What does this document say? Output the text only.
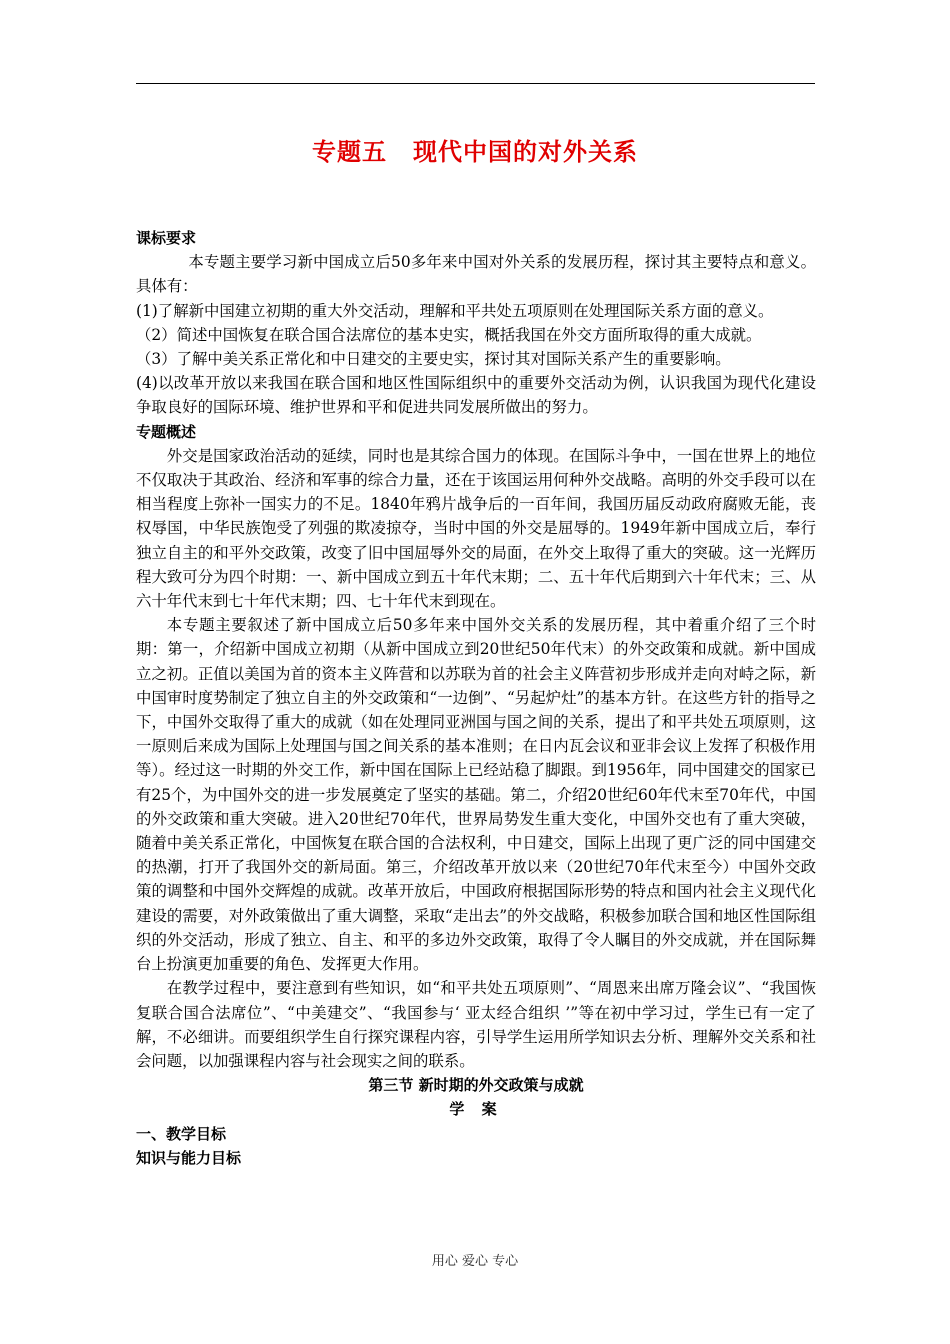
专题五 现代中国的对外关系

课标要求

本专题主要学习新中国成立后50多年来中国对外关系的发展历程，探讨其主要特点和意义。具体有：

(1)了解新中国建立初期的重大外交活动，理解和平共处五项原则在处理国际关系方面的意义。

（2）简述中国恢复在联合国合法席位的基本史实，概括我国在外交方面所取得的重大成就。

（3）了解中美关系正常化和中日建交的主要史实，探讨其对国际关系产生的重要影响。

(4)以改革开放以来我国在联合国和地区性国际组织中的重要外交活动为例，认识我国为现代化建设争取良好的国际环境、维护世界和平和促进共同发展所做出的努力。

专题概述

外交是国家政治活动的延续，同时也是其综合国力的体现。在国际斗争中，一国在世界上的地位不仅取决于其政治、经济和军事的综合力量，还在于该国运用何种外交战略。高明的外交手段可以在相当程度上弥补一国实力的不足。1840年鸦片战争后的一百年间，我国历届反动政府腐败无能，丧权辱国，中华民族饱受了列强的欺凌掠夺，当时中国的外交是屈辱的。1949年新中国成立后，奉行独立自主的和平外交政策，改变了旧中国屈辱外交的局面，在外交上取得了重大的突破。这一光辉历程大致可分为四个时期：一、新中国成立到五十年代末期；二、五十年代后期到六十年代末；三、从六十年代末到七十年代末期；四、七十年代末到现在。

本专题主要叙述了新中国成立后50多年来中国外交关系的发展历程，其中着重介绍了三个时期：第一，介绍新中国成立初期（从新中国成立到20世纪50年代末）的外交政策和成就。新中国成立之初。正值以美国为首的资本主义阵营和以苏联为首的社会主义阵营初步形成并走向对峙之际，新中国审时度势制定了独立自主的外交政策和“一边倒”、“另起炉灶”的基本方针。在这些方针的指导之下，中国外交取得了重大的成就（如在处理同亚洲国与国之间的关系，提出了和平共处五项原则，这一原则后来成为国际上处理国与国之间关系的基本准则；在日内瓦会议和亚非会议上发挥了积极作用等）。经过这一时期的外交工作，新中国在国际上已经站稳了脚跟。到1956年，同中国建交的国家已有25个，为中国外交的进一步发展奠定了坚实的基础。第二，介绍20世纪60年代末至70年代，中国的外交政策和重大突破。进入20世纪70年代，世界局势发生重大变化，中国外交也有了重大突破，随着中美关系正常化，中国恢复在联合国的合法权利，中日建交，国际上出现了更广泛的同中国建交的热潮，打开了我国外交的新局面。第三，介绍改革开放以来（20世纪70年代末至今）中国外交政策的调整和中国外交辉煌的成就。改革开放后，中国政府根据国际形势的特点和国内社会主义现代化建设的需要，对外政策做出了重大调整，采取“走出去”的外交战略，积极参加联合国和地区性国际组织的外交活动，形成了独立、自主、和平的多边外交政策，取得了令人瞩目的外交成就，并在国际舞台上扮演更加重要的角色、发挥更大作用。

在教学过程中，要注意到有些知识，如“和平共处五项原则”、“周恩来出席万隆会议”、“我国恢复联合国合法席位”、“中美建交”、“我国参与‘ 亚太经合组织 ’”等在初中学习过，学生已有一定了解，不必细讲。而要组织学生自行探究课程内容，引导学生运用所学知识去分析、理解外交关系和社会问题，以加强课程内容与社会现实之间的联系。

第三节 新时期的外交政策与成就

学 案

一、教学目标

知识与能力目标

用心 爱心 专心
